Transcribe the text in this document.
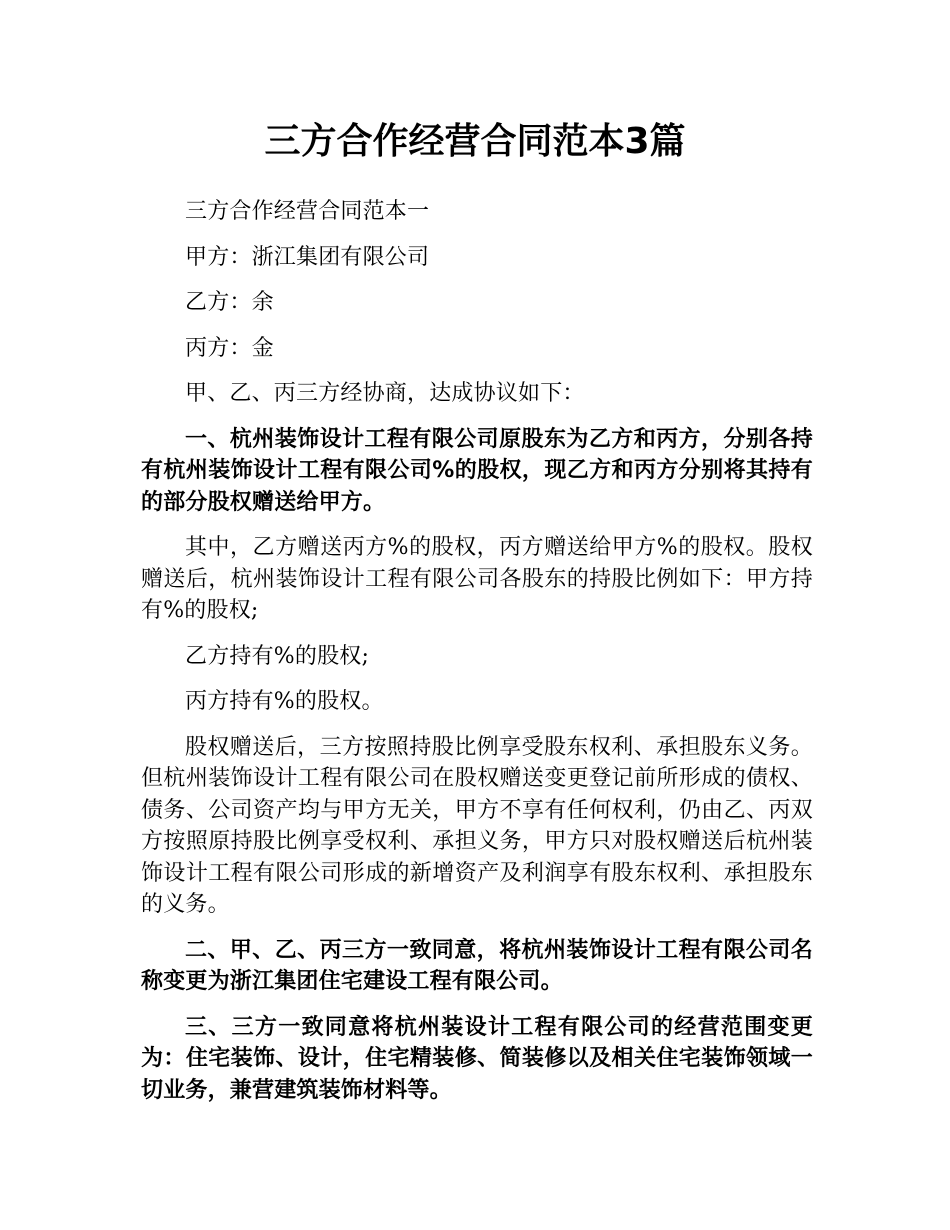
三方合作经营合同范本3篇

三方合作经营合同范本一

甲方：浙江集团有限公司

乙方：余

丙方：金

甲、乙、丙三方经协商，达成协议如下：

一、杭州装饰设计工程有限公司原股东为乙方和丙方，分别各持有杭州装饰设计工程有限公司%的股权，现乙方和丙方分别将其持有的部分股权赠送给甲方。

其中，乙方赠送丙方%的股权，丙方赠送给甲方%的股权。股权赠送后，杭州装饰设计工程有限公司各股东的持股比例如下：甲方持有%的股权;

乙方持有%的股权;

丙方持有%的股权。

股权赠送后，三方按照持股比例享受股东权利、承担股东义务。但杭州装饰设计工程有限公司在股权赠送变更登记前所形成的债权、债务、公司资产均与甲方无关，甲方不享有任何权利，仍由乙、丙双方按照原持股比例享受权利、承担义务，甲方只对股权赠送后杭州装饰设计工程有限公司形成的新增资产及利润享有股东权利、承担股东的义务。

二、甲、乙、丙三方一致同意，将杭州装饰设计工程有限公司名称变更为浙江集团住宅建设工程有限公司。

三、三方一致同意将杭州装设计工程有限公司的经营范围变更为：住宅装饰、设计，住宅精装修、简装修以及相关住宅装饰领域一切业务，兼营建筑装饰材料等。
